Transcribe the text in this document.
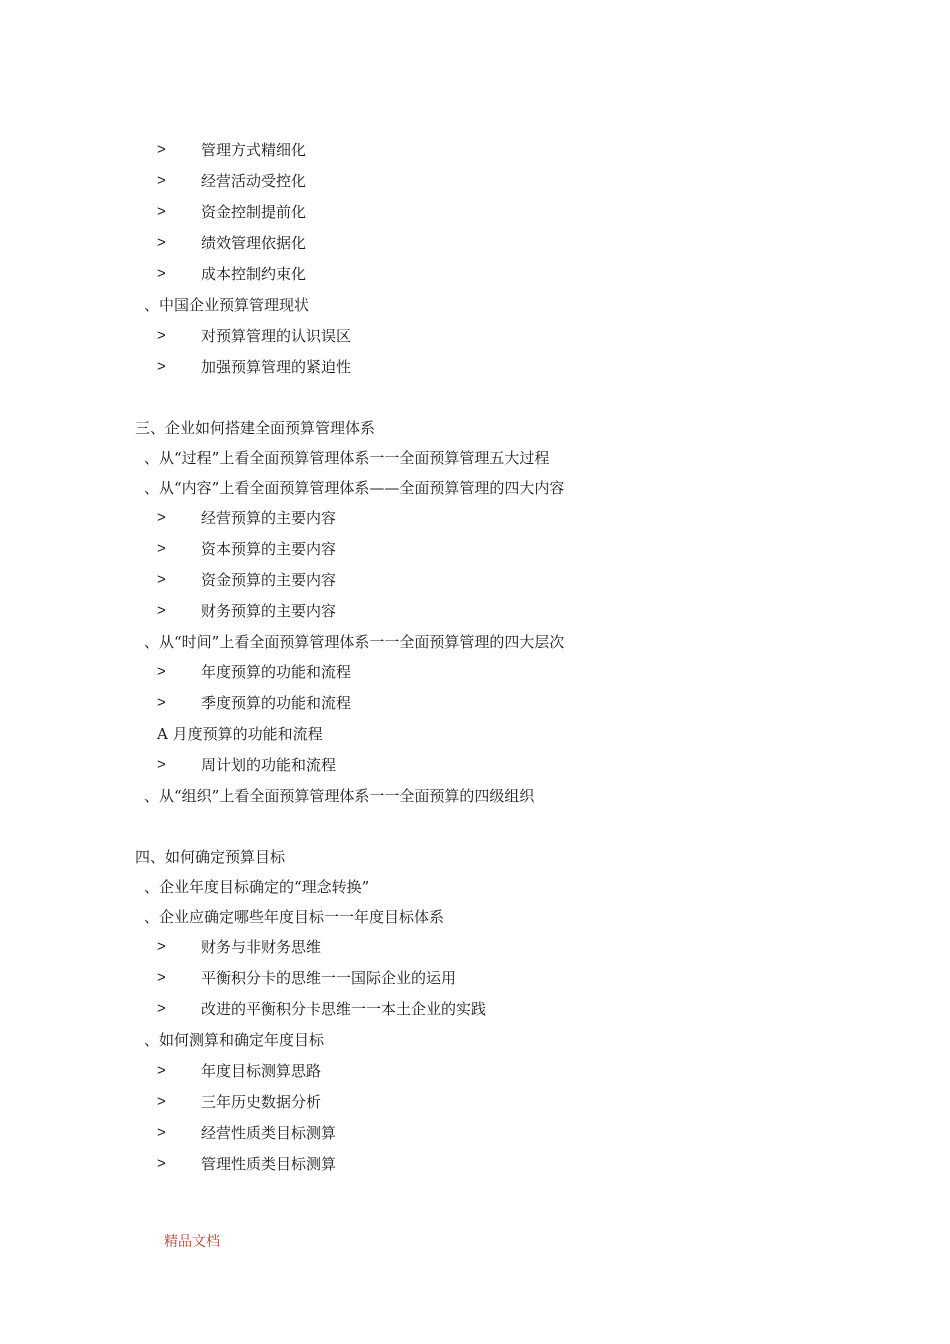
> 管理方式精细化
> 经营活动受控化
> 资金控制提前化
> 绩效管理依据化
> 成本控制约束化
、中国企业预算管理现状
> 对预算管理的认识误区
> 加强预算管理的紧迫性
三、企业如何搭建全面预算管理体系
、从“过程”上看全面预算管理体系一一全面预算管理五大过程
、从“内容”上看全面预算管理体系——全面预算管理的四大内容
> 经营预算的主要内容
> 资本预算的主要内容
> 资金预算的主要内容
> 财务预算的主要内容
、从“时间”上看全面预算管理体系一一全面预算管理的四大层次
> 年度预算的功能和流程
> 季度预算的功能和流程
A 月度预算的功能和流程
> 周计划的功能和流程
、从“组织”上看全面预算管理体系一一全面预算的四级组织
四、如何确定预算目标
、企业年度目标确定的“理念转换”
、企业应确定哪些年度目标一一年度目标体系
> 财务与非财务思维
> 平衡积分卡的思维一一国际企业的运用
> 改进的平衡积分卡思维一一本土企业的实践
、如何测算和确定年度目标
> 年度目标测算思路
> 三年历史数据分析
> 经营性质类目标测算
> 管理性质类目标测算
精品文档
